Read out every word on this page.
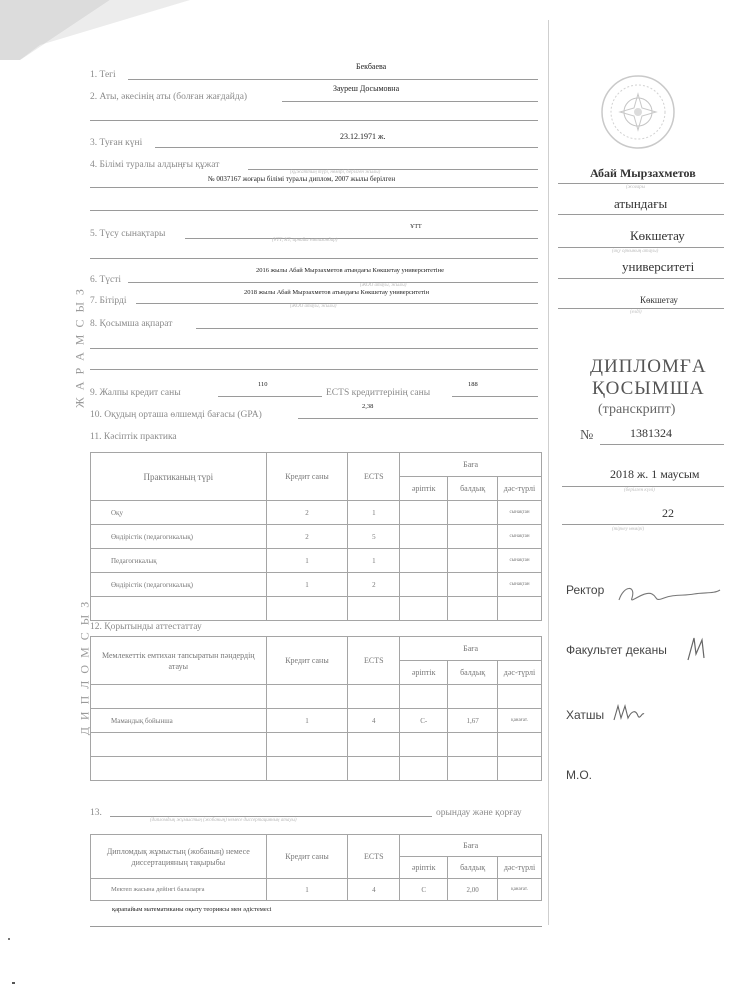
Ж А Р А М С Ы З
Д И П Л О М С Ы З
1. Тегі
Бекбаева
2. Аты, әкесінің аты (болған жағдайда)
Зауреш Досымовна
3. Туған күні
23.12.1971 ж.
4. Білімі туралы алдыңғы құжат
(құжаттың түрі, нөмірі, берілген жылы)
№ 0037167 жоғары білімі туралы диплом, 2007 жылы берілген
5. Түсу сынақтары
ҰТТ
(ҰТТ, КТ, арнайы емтихандар)
6. Түсті
2016 жылы Абай Мырзахметов атындағы Көкшетау университетіне
(ЖОО атауы, жылы)
7. Бітірді
2018 жылы Абай Мырзахметов атындағы Көкшетау университетін
(ЖОО атауы, жылы)
8. Қосымша ақпарат
9. Жалпы кредит саны
110
ECTS кредиттерінің саны
188
10. Оқудың орташа өлшемді бағасы (GPA)
2,38
11. Кәсіптік практика
Практиканың түрі	Кредит саны	ECTS	Баға		
			әріптік	балдық	дәс-түрлі
Оқу	2	1			сынақтан
Өндірістік (педагогикалық)	2	5			сынақтан
Педагогикалық	1	1			сынақтан
Өндірістік (педагогикалық)	1	2			сынақтан

12. Қорытынды аттестаттау
Мемлекеттік емтихан тапсыратын пәндердің атауы	Кредит саны	ECTS	Баға		
			әріптік	балдық	дәс-түрлі

Мамандық бойынша	1	4	C-	1,67	қанағат.

13.	орындау және қорғау
(дипломдық жұмыстың (жобаның) немесе диссертацияның атауы)
Дипломдық жұмыстың (жобаның) немесе диссертацияның тақырыбы	Кредит саны	ECTS	Баға		
			әріптік	балдық	дәс-түрлі
Мектеп жасына дейінгі балаларға	1	4	C	2,00	қанағат.
қарапайым математиканы оқыту теориясы мен әдістемесі
Абай Мырзахметов
(жоғары
атындағы
Көкшетау
(оқу орнының атауы)
университеті
Көкшетау
(елді)
ДИПЛОМҒА
ҚОСЫМША
(транскрипт)
№	1381324
2018 ж. 1 маусым
(берілген күні)
22
(тіркеу нөмірі)
Ректор
Факультет деканы
Хатшы
М.О.
